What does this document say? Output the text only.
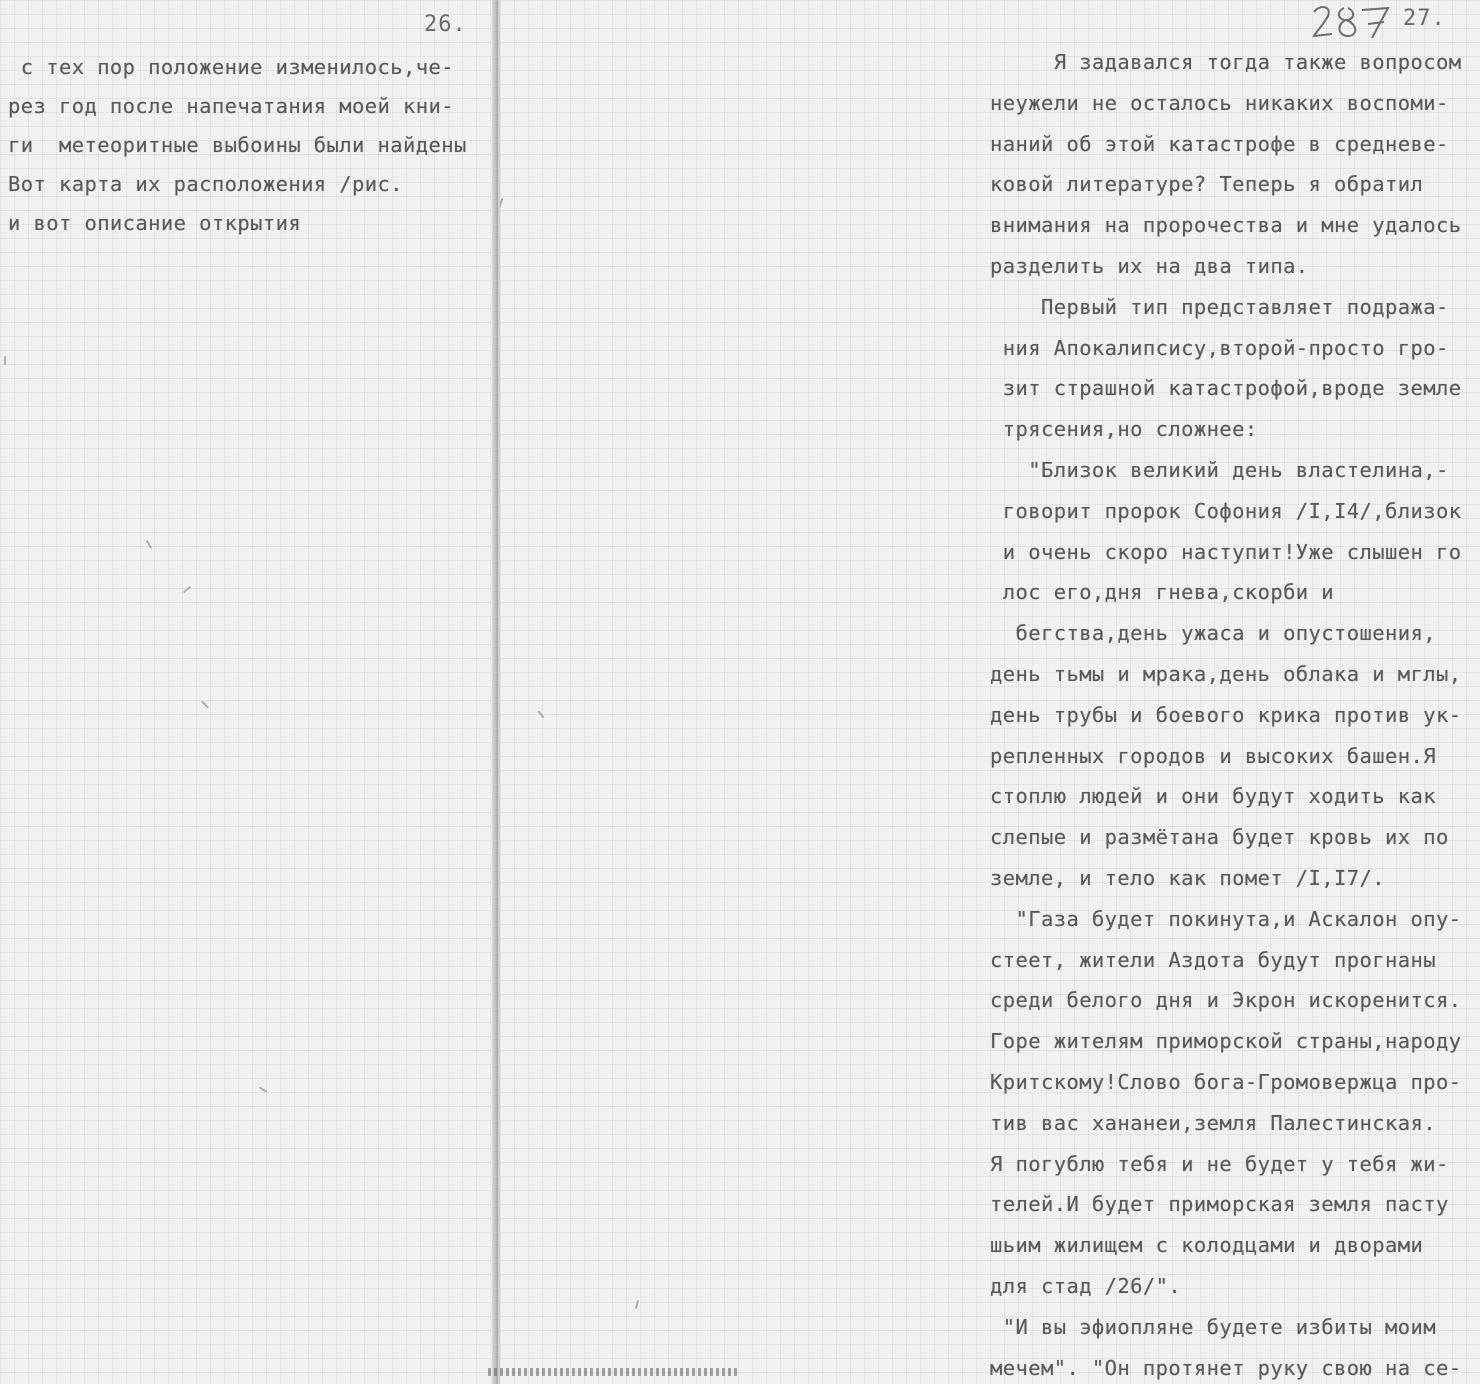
26.
с тех пор положение изменилось,че-
рез год после напечатания моей кни-
ги  метеоритные выбоины были найдены
Вот карта их расположения /рис.
и вот описание открытия
27.
Я задавался тогда также вопросом
неужели не осталось никаких воспоми-
наний об этой катастрофе в средневе-
ковой литературе? Теперь я обратил
внимания на пророчества и мне удалось
разделить их на два типа.
Первый тип представляет подража-
ния Апокалипсису,второй-просто гро-
зит страшной катастрофой,вроде земле
трясения,но сложнее:
"Близок великий день властелина,-
говорит пророк Софония /I,I4/,близок
и очень скоро наступит!Уже слышен го
лос его,дня гнева,скорби и
бегства,день ужаса и опустошения,
день тьмы и мрака,день облака и мглы,
день трубы и боевого крика против ук-
репленных городов и высоких башен.Я
стоплю людей и они будут ходить как
слепые и размётана будет кровь их по
земле, и тело как помет /I,I7/.
"Газа будет покинута,и Аскалон опу-
стеет, жители Аздота будут прогнаны
среди белого дня и Экрон искоренится.
Горе жителям приморской страны,народу
Критскому!Слово бога-Громовержца про-
тив вас хананеи,земля Палестинская.
Я погублю тебя и не будет у тебя жи-
телей.И будет приморская земля пасту
шьим жилищем с колодцами и дворами
для стад /26/".
"И вы эфиопляне будете избиты моим
мечем". "Он протянет руку свою на се-
